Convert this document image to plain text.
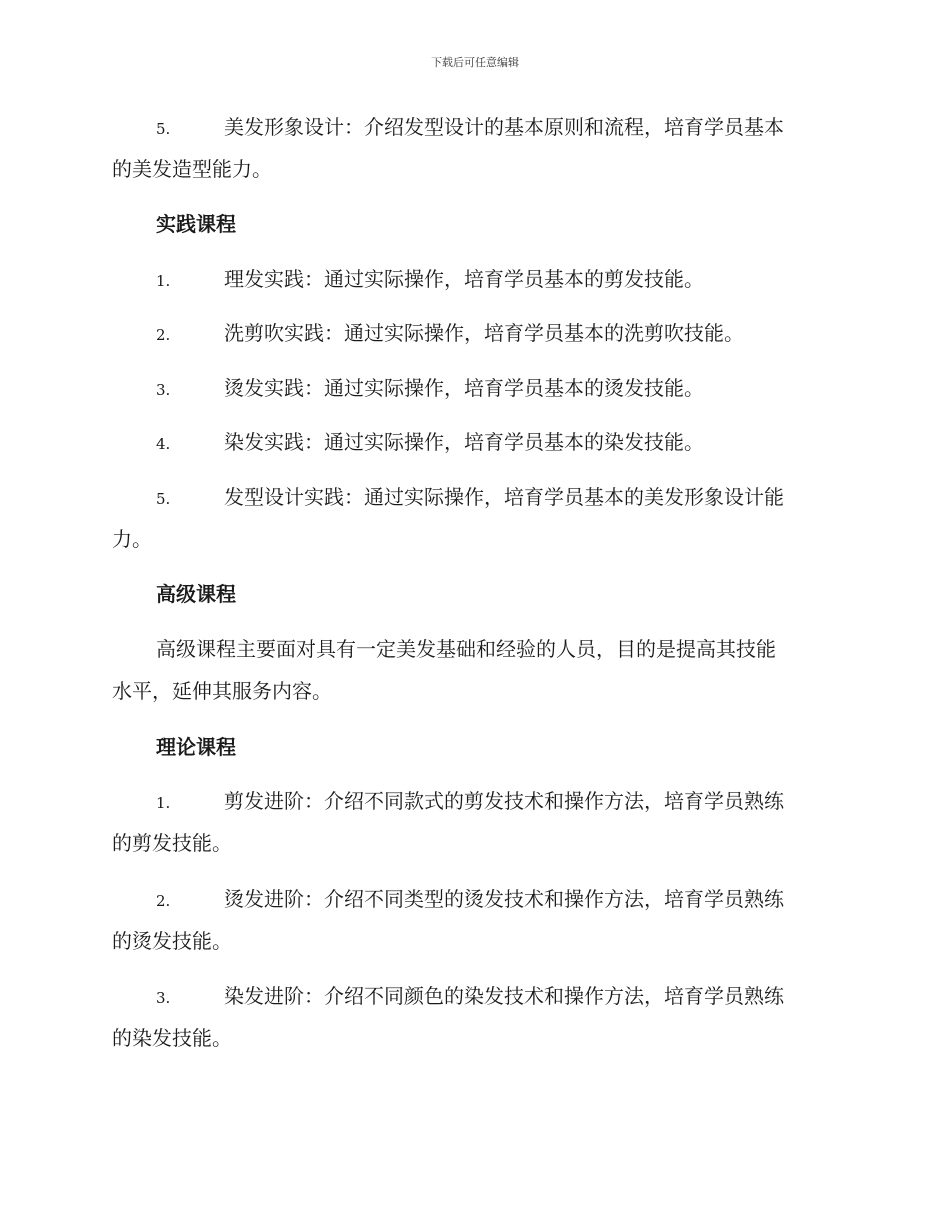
下载后可任意编辑
5.	美发形象设计：介绍发型设计的基本原则和流程，培育学员基本
的美发造型能力。
实践课程
1.	理发实践：通过实际操作，培育学员基本的剪发技能。
2.	洗剪吹实践：通过实际操作，培育学员基本的洗剪吹技能。
3.	烫发实践：通过实际操作，培育学员基本的烫发技能。
4.	染发实践：通过实际操作，培育学员基本的染发技能。
5.	发型设计实践：通过实际操作，培育学员基本的美发形象设计能
力。
高级课程
高级课程主要面对具有一定美发基础和经验的人员，目的是提高其技能
水平，延伸其服务内容。
理论课程
1.	剪发进阶：介绍不同款式的剪发技术和操作方法，培育学员熟练
的剪发技能。
2.	烫发进阶：介绍不同类型的烫发技术和操作方法，培育学员熟练
的烫发技能。
3.	染发进阶：介绍不同颜色的染发技术和操作方法，培育学员熟练
的染发技能。
